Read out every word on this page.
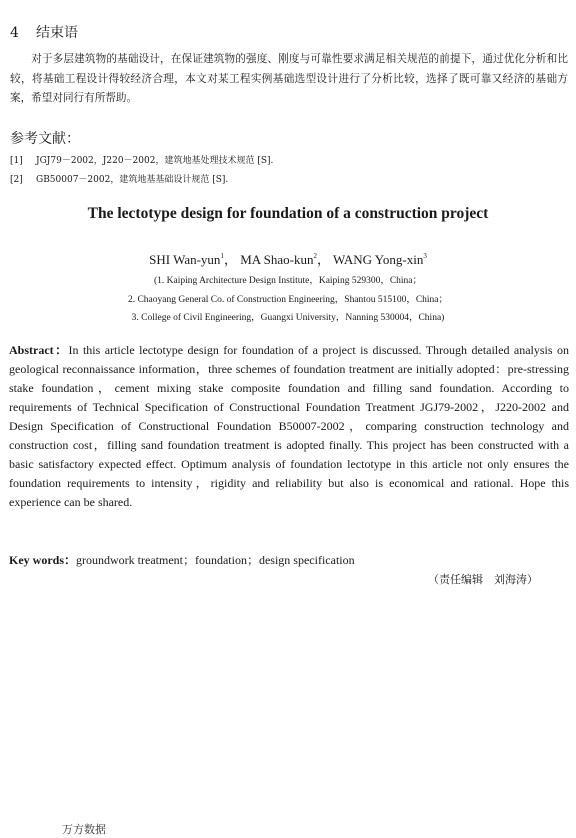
4 结束语
对于多层建筑物的基础设计，在保证建筑物的强度、刚度与可靠性要求满足相关规范的前提下，通过优化分析和比较，将基础工程设计得较经济合理，本文对某工程实例基础选型设计进行了分析比较，选择了既可靠又经济的基础方案，希望对同行有所帮助。
参考文献：
[1] JGJ79－2002，J220－2002，建筑地基处理技术规范 [S].
[2] GB50007－2002，建筑地基基础设计规范 [S].
The lectotype design for foundation of a construction project
SHI Wan-yun$^1$， MA Shao-kun$^2$， WANG Yong-xin$^3$
(1. Kaiping Architecture Design Institute，Kaiping 529300，China；
2. Chaoyang General Co. of Construction Engineering，Shantou 515100，China；
3. College of Civil Engineering，Guangxi University，Nanning 530004，China)
Abstract：In this article lectotype design for foundation of a project is discussed. Through detailed analysis on geological reconnaissance information，three schemes of foundation treatment are initially adopted：pre-stressing stake foundation，cement mixing stake composite foundation and filling sand foundation. According to requirements of Technical Specification of Constructional Foundation Treatment JGJ79-2002，J220-2002 and Design Specification of Constructional Foundation B50007-2002，comparing construction technology and construction cost，filling sand foundation treatment is adopted finally. This project has been constructed with a basic satisfactory expected effect. Optimum analysis of foundation lectotype in this article not only ensures the foundation requirements to intensity，rigidity and reliability but also is economical and rational. Hope this experience can be shared.
Key words：groundwork treatment；foundation；design specification
（责任编辑　刘海涛）
万方数据
